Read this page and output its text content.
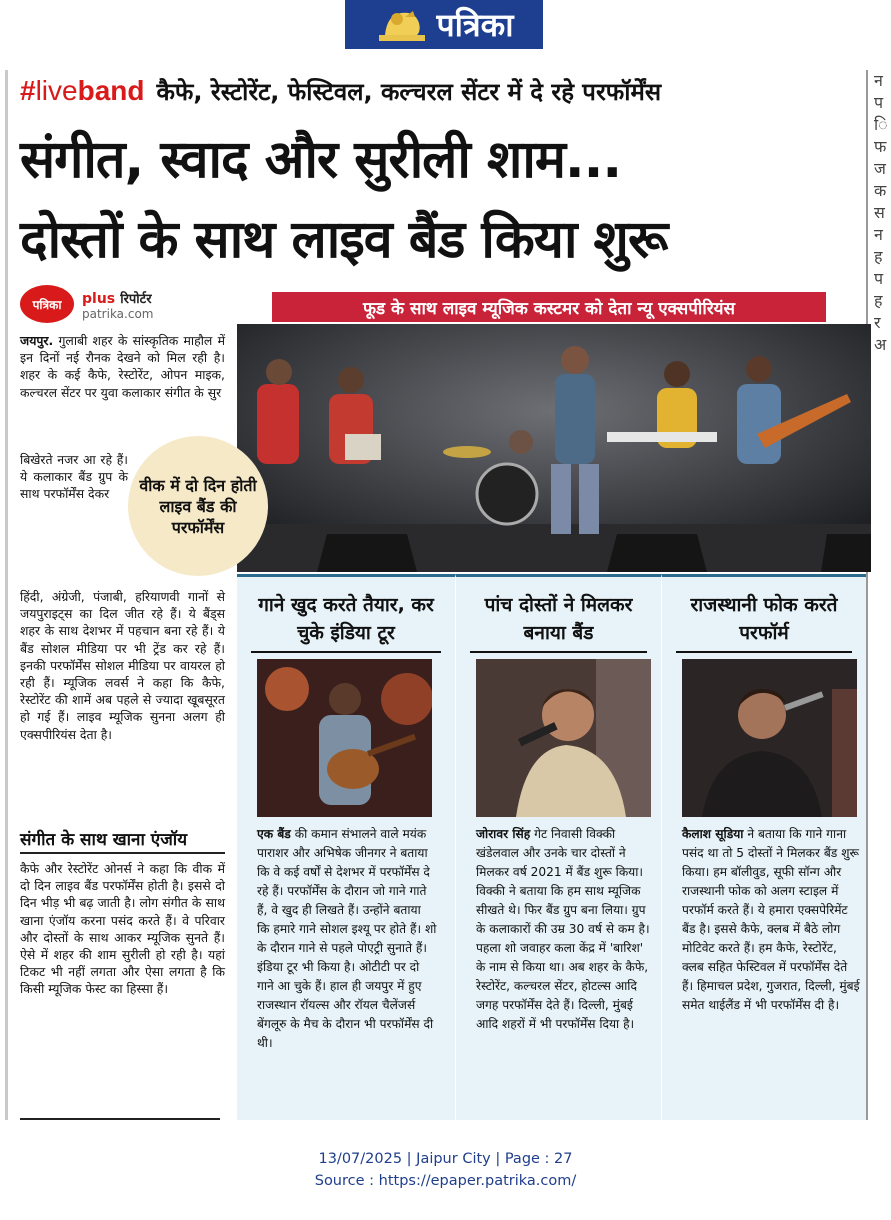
पत्रिका
न
प
ि
फ
ज
क
स
न
ह
प
ह
र
अ
#liveband कैफे, रेस्टोरेंट, फेस्टिवल, कल्चरल सेंटर में दे रहे परफॉर्मेंस
संगीत, स्वाद और सुरीली शाम...
दोस्तों के साथ लाइव बैंड किया शुरू
पत्रिका	plus रिपोर्टर
patrika.com	फूड के साथ लाइव म्यूजिक कस्टमर को देता न्यू एक्सपीरियंस
जयपुर. गुलाबी शहर के सांस्कृतिक माहौल में इन दिनों नई रौनक देखने को मिल रही है। शहर के कई कैफे, रेस्टोरेंट, ओपन माइक, कल्चरल सेंटर पर युवा कलाकार संगीत के सुर
बिखेरते नजर आ रहे हैं। ये कलाकार बैंड ग्रुप के साथ परफॉर्मेंस देकर
हिंदी, अंग्रेजी, पंजाबी, हरियाणवी गानों से जयपुराइट्स का दिल जीत रहे हैं। ये बैंड्स शहर के साथ देशभर में पहचान बना रहे हैं। ये बैंड सोशल मीडिया पर भी ट्रेंड कर रहे हैं। इनकी परफॉर्मेंस सोशल मीडिया पर वायरल हो रही हैं। म्यूजिक लवर्स ने कहा कि कैफे, रेस्टोरेंट की शामें अब पहले से ज्यादा खूबसूरत हो गई हैं। लाइव म्यूजिक सुनना अलग ही एक्सपीरियंस देता है।
वीक में दो दिन होती लाइव बैंड की परफॉर्मेंस
संगीत के साथ खाना एंजॉय
कैफे और रेस्टोरेंट ओनर्स ने कहा कि वीक में दो दिन लाइव बैंड परफॉर्मेंस होती है। इससे दो दिन भीड़ भी बढ़ जाती है। लोग संगीत के साथ खाना एंजॉय करना पसंद करते हैं। वे परिवार और दोस्तों के साथ आकर म्यूजिक सुनते हैं। ऐसे में शहर की शाम सुरीली हो रही है। यहां टिकट भी नहीं लगता और ऐसा लगता है कि किसी म्यूजिक फेस्ट का हिस्सा हैं।
गाने खुद करते तैयार, कर चुके इंडिया टूर
एक बैंड की कमान संभालने वाले मयंक पाराशर और अभिषेक जीनगर ने बताया कि वे कई वर्षों से देशभर में परफॉर्मेंस दे रहे हैं। परफॉर्मेंस के दौरान जो गाने गाते हैं, वे खुद ही लिखते हैं। उन्होंने बताया कि हमारे गाने सोशल इश्यू पर होते हैं। शो के दौरान गाने से पहले पोएट्री सुनाते हैं। इंडिया टूर भी किया है। ओटीटी पर दो गाने आ चुके हैं। हाल ही जयपुर में हुए राजस्थान रॉयल्स और रॉयल चैलेंजर्स बेंगलूरु के मैच के दौरान भी परफॉर्मेंस दी थी।
पांच दोस्तों ने मिलकर बनाया बैंड
जोरावर सिंह गेट निवासी विक्की खंडेलवाल और उनके चार दोस्तों ने मिलकर वर्ष 2021 में बैंड शुरू किया। विक्की ने बताया कि हम साथ म्यूजिक सीखते थे। फिर बैंड ग्रुप बना लिया। ग्रुप के कलाकारों की उम्र 30 वर्ष से कम है। पहला शो जवाहर कला केंद्र में 'बारिश' के नाम से किया था। अब शहर के कैफे, रेस्टोरेंट, कल्चरल सेंटर, होटल्स आदि जगह परफॉर्मेंस देते हैं। दिल्ली, मुंबई आदि शहरों में भी परफॉर्मेंस दिया है।
राजस्थानी फोक करते परफॉर्म
कैलाश सूडिया ने बताया कि गाने गाना पसंद था तो 5 दोस्तों ने मिलकर बैंड शुरू किया। हम बॉलीवुड, सूफी सॉन्ग और राजस्थानी फोक को अलग स्टाइल में परफॉर्म करते हैं। ये हमारा एक्सपेरिमेंट बैंड है। इससे कैफे, क्लब में बैठे लोग मोटिवेट करते हैं। हम कैफे, रेस्टोरेंट, क्लब सहित फेस्टिवल में परफॉर्मेंस देते हैं। हिमाचल प्रदेश, गुजरात, दिल्ली, मुंबई समेत थाईलैंड में भी परफॉर्मेंस दी है।
13/07/2025 | Jaipur City | Page : 27
Source : https://epaper.patrika.com/
